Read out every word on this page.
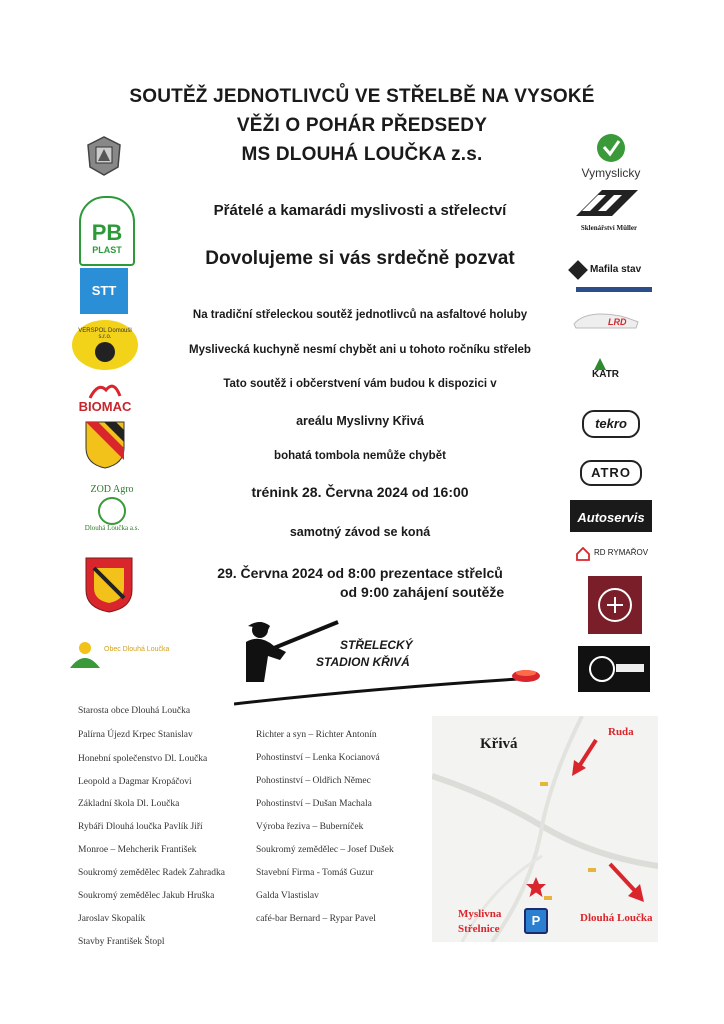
SOUTĚŽ JEDNOTLIVCŮ VE STŘELBĚ NA VYSOKÉ
VĚŽI O POHÁR PŘEDSEDY
MS DLOUHÁ LOUČKA z.s.
Přátelé a kamarádi myslivosti a střelectví
Dovolujeme si vás srdečně pozvat
Na tradiční střeleckou soutěž jednotlivců na asfaltové holuby
Myslivecká kuchyně nesmí chybět ani u tohoto ročníku střeleb
Tato soutěž i občerstvení vám budou k dispozici v
areálu Myslivny Křivá
bohatá tombola nemůže chybět
trénink 28. Června 2024 od 16:00
samotný závod se koná
29. Června 2024 od 8:00 prezentace střelců
od 9:00 zahájení soutěže
PB
PLAST
STT
VERSPOL Domoušl s.r.o.
BIOMAC
ZOD Agro
Dlouhá Loučka a.s.
Obec Dlouhá Loučka
Vymyslicky
Sklenářství Müller
Mafila stav
LRD
KATR
tekro
ATRO
Autoservis
RD RYMAŘOV
STŘELECKÝ
STADION KŘIVÁ
Starosta obce Dlouhá Loučka
Palírna Újezd Krpec Stanislav
Honební společenstvo Dl. Loučka
Leopold a Dagmar Kropáčovi
Základní škola Dl. Loučka
Rybáři Dlouhá loučka Pavlík Jiří
Monroe – Mehcherik František
Soukromý zemědělec Radek Zahradka
Soukromý zemědělec Jakub Hruška
Jaroslav Skopalík
Stavby František Štopl
Richter a syn – Richter Antonín
Pohostinství – Lenka Kocianová
Pohostinství – Oldřich Němec
Pohostinství – Dušan Machala
Výroba řeziva – Buberníček
Soukromý zemědělec – Josef Dušek
Stavební Firma - Tomáš Guzur
Galda Vlastislav
café-bar Bernard – Rypar Pavel
Křivá
Ruda
Dlouhá Loučka
P
Myslivna
Střelnice
